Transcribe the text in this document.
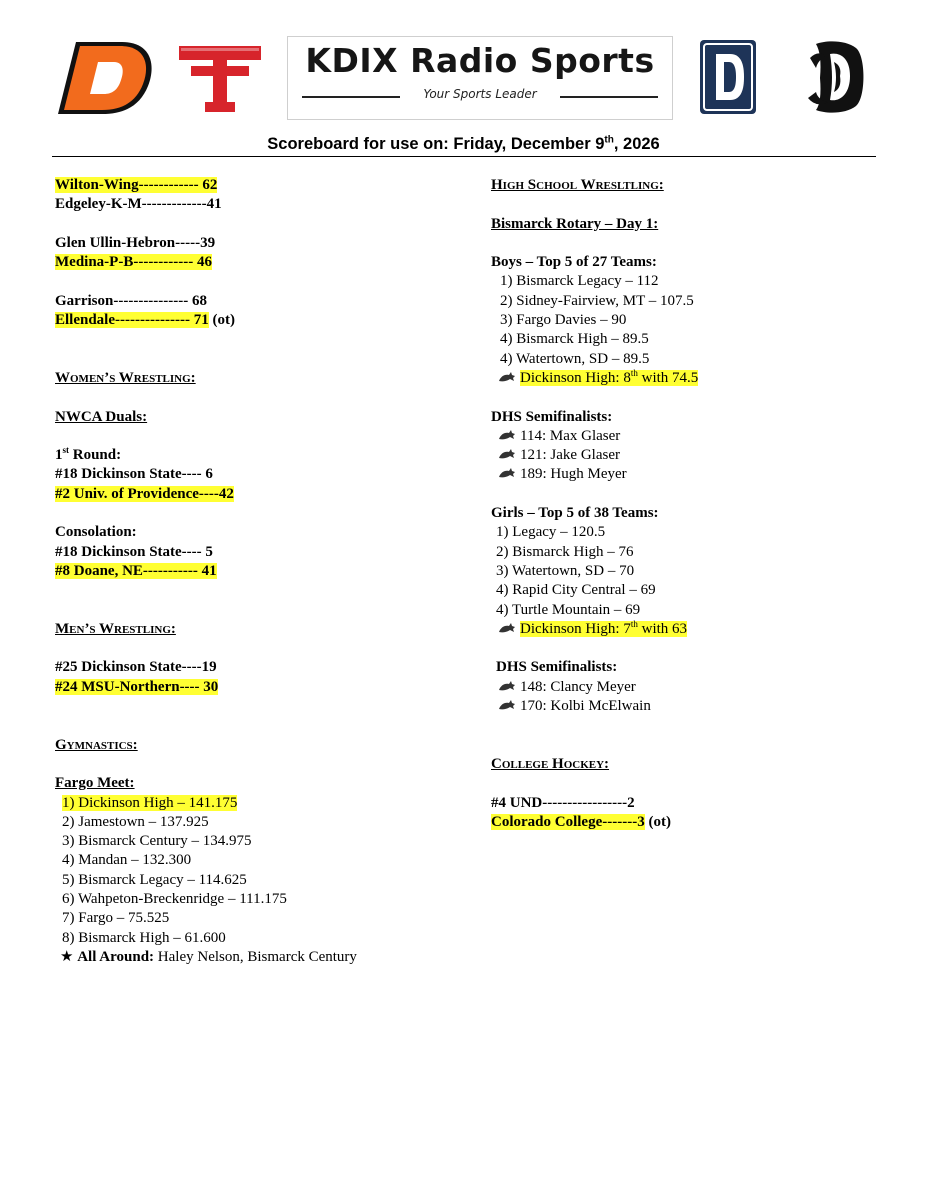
KDIX Radio Sports
Your Sports Leader
Scoreboard for use on: Friday, December 9th, 2026
Wilton-Wing------------ 62
Edgeley-K-M-------------41
Glen Ullin-Hebron-----39
Medina-P-B------------ 46
Garrison--------------- 68
Ellendale--------------- 71 (ot)
Women’s Wrestling:
NWCA Duals:
1st Round:
#18 Dickinson State---- 6
#2 Univ. of Providence----42
Consolation:
#18 Dickinson State---- 5
#8 Doane, NE----------- 41
Men’s Wrestling:
#25 Dickinson State----19
#24 MSU-Northern---- 30
Gymnastics:
Fargo Meet:
1) Dickinson High – 141.175
2) Jamestown – 137.925
3) Bismarck Century – 134.975
4) Mandan – 132.300
5) Bismarck Legacy – 114.625
6) Wahpeton-Breckenridge – 111.175
7) Fargo – 75.525
8) Bismarck High – 61.600
★ All Around: Haley Nelson, Bismarck Century
High School Wresltling:
Bismarck Rotary – Day 1:
Boys – Top 5 of 27 Teams:
1) Bismarck Legacy – 112
2) Sidney-Fairview, MT – 107.5
3) Fargo Davies – 90
4) Bismarck High – 89.5
4) Watertown, SD – 89.5
Dickinson High: 8th with 74.5
DHS Semifinalists:
114: Max Glaser
121: Jake Glaser
189: Hugh Meyer
Girls – Top 5 of 38 Teams:
1) Legacy – 120.5
2) Bismarck High – 76
3) Watertown, SD – 70
4) Rapid City Central – 69
4) Turtle Mountain – 69
Dickinson High: 7th with 63
DHS Semifinalists:
148: Clancy Meyer
170: Kolbi McElwain
College Hockey:
#4 UND-----------------2
Colorado College-------3 (ot)
